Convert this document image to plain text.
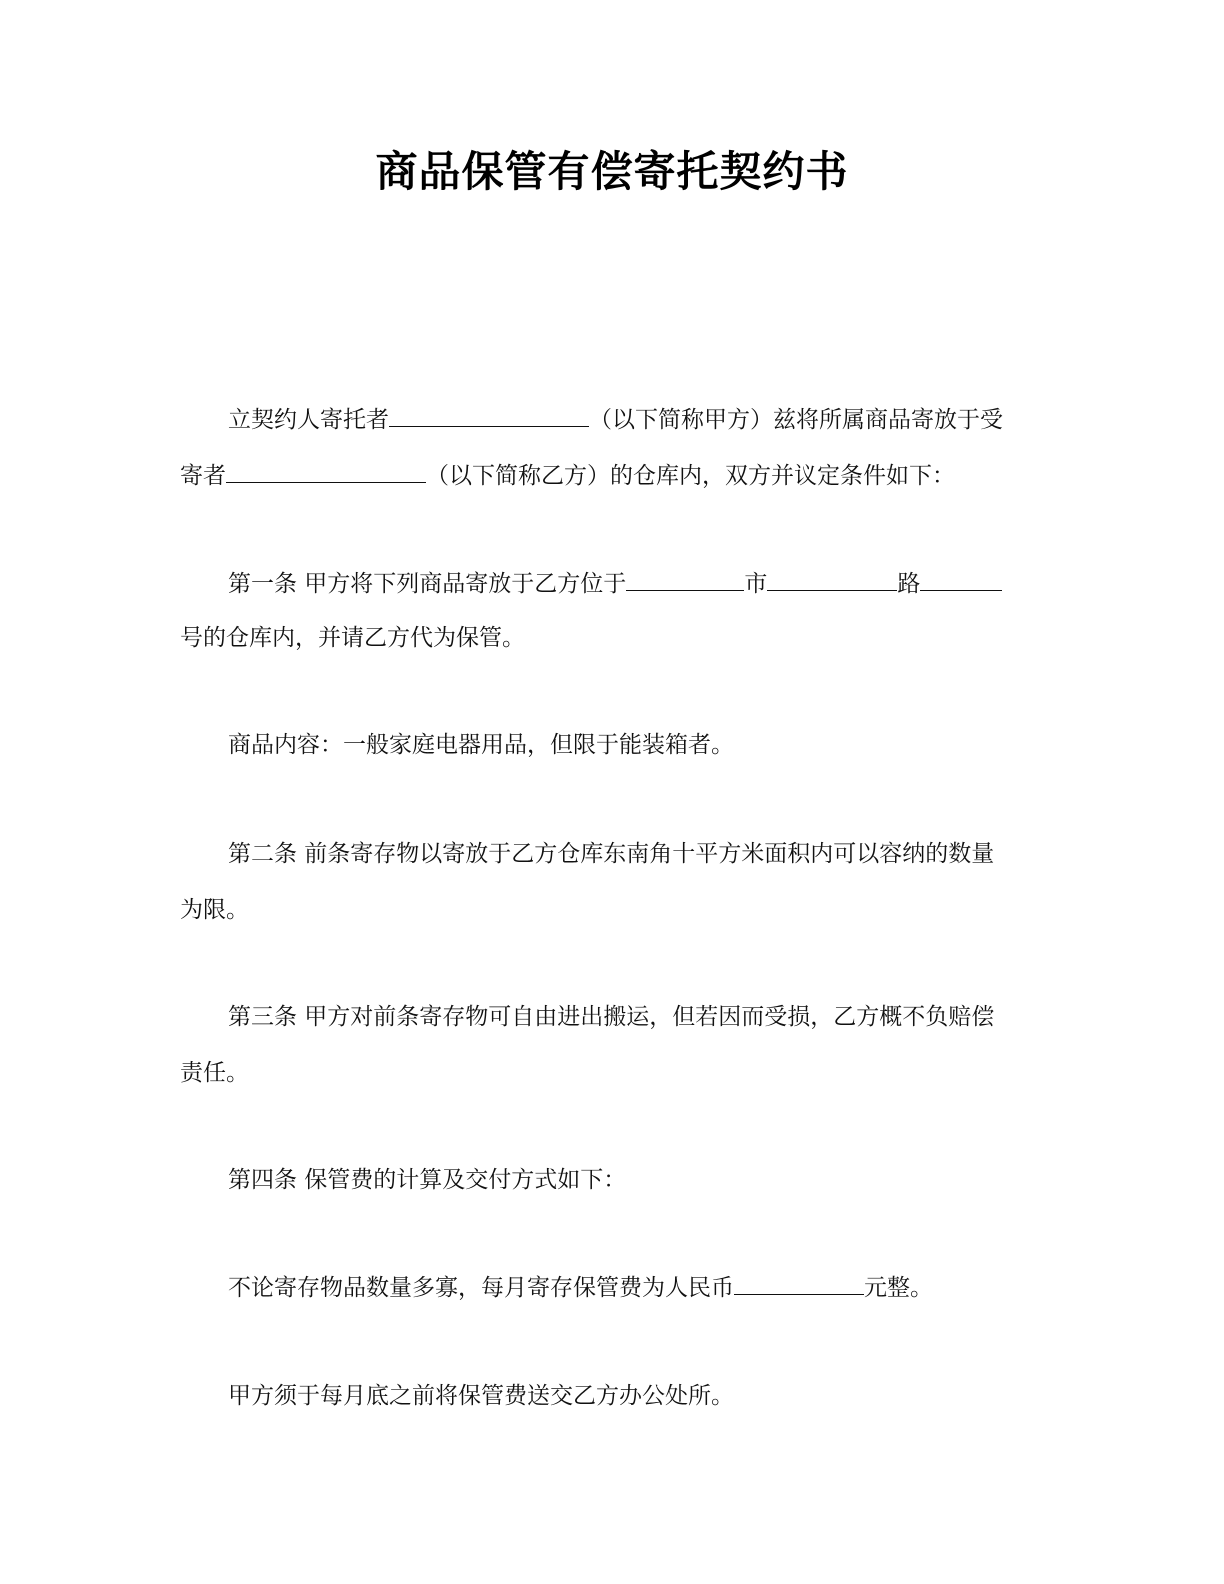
商品保管有偿寄托契约书
立契约人寄托者	（以下简称甲方）兹将所属商品寄放于受
寄者	（以下简称乙方）的仓库内，双方并议定条件如下：
第一条 甲方将下列商品寄放于乙方位于	市	路
号的仓库内，并请乙方代为保管。
商品内容：一般家庭电器用品，但限于能装箱者。
第二条 前条寄存物以寄放于乙方仓库东南角十平方米面积内可以容纳的数量
为限。
第三条 甲方对前条寄存物可自由进出搬运，但若因而受损，乙方概不负赔偿
责任。
第四条 保管费的计算及交付方式如下：
不论寄存物品数量多寡，每月寄存保管费为人民币	元整。
甲方须于每月底之前将保管费送交乙方办公处所。
